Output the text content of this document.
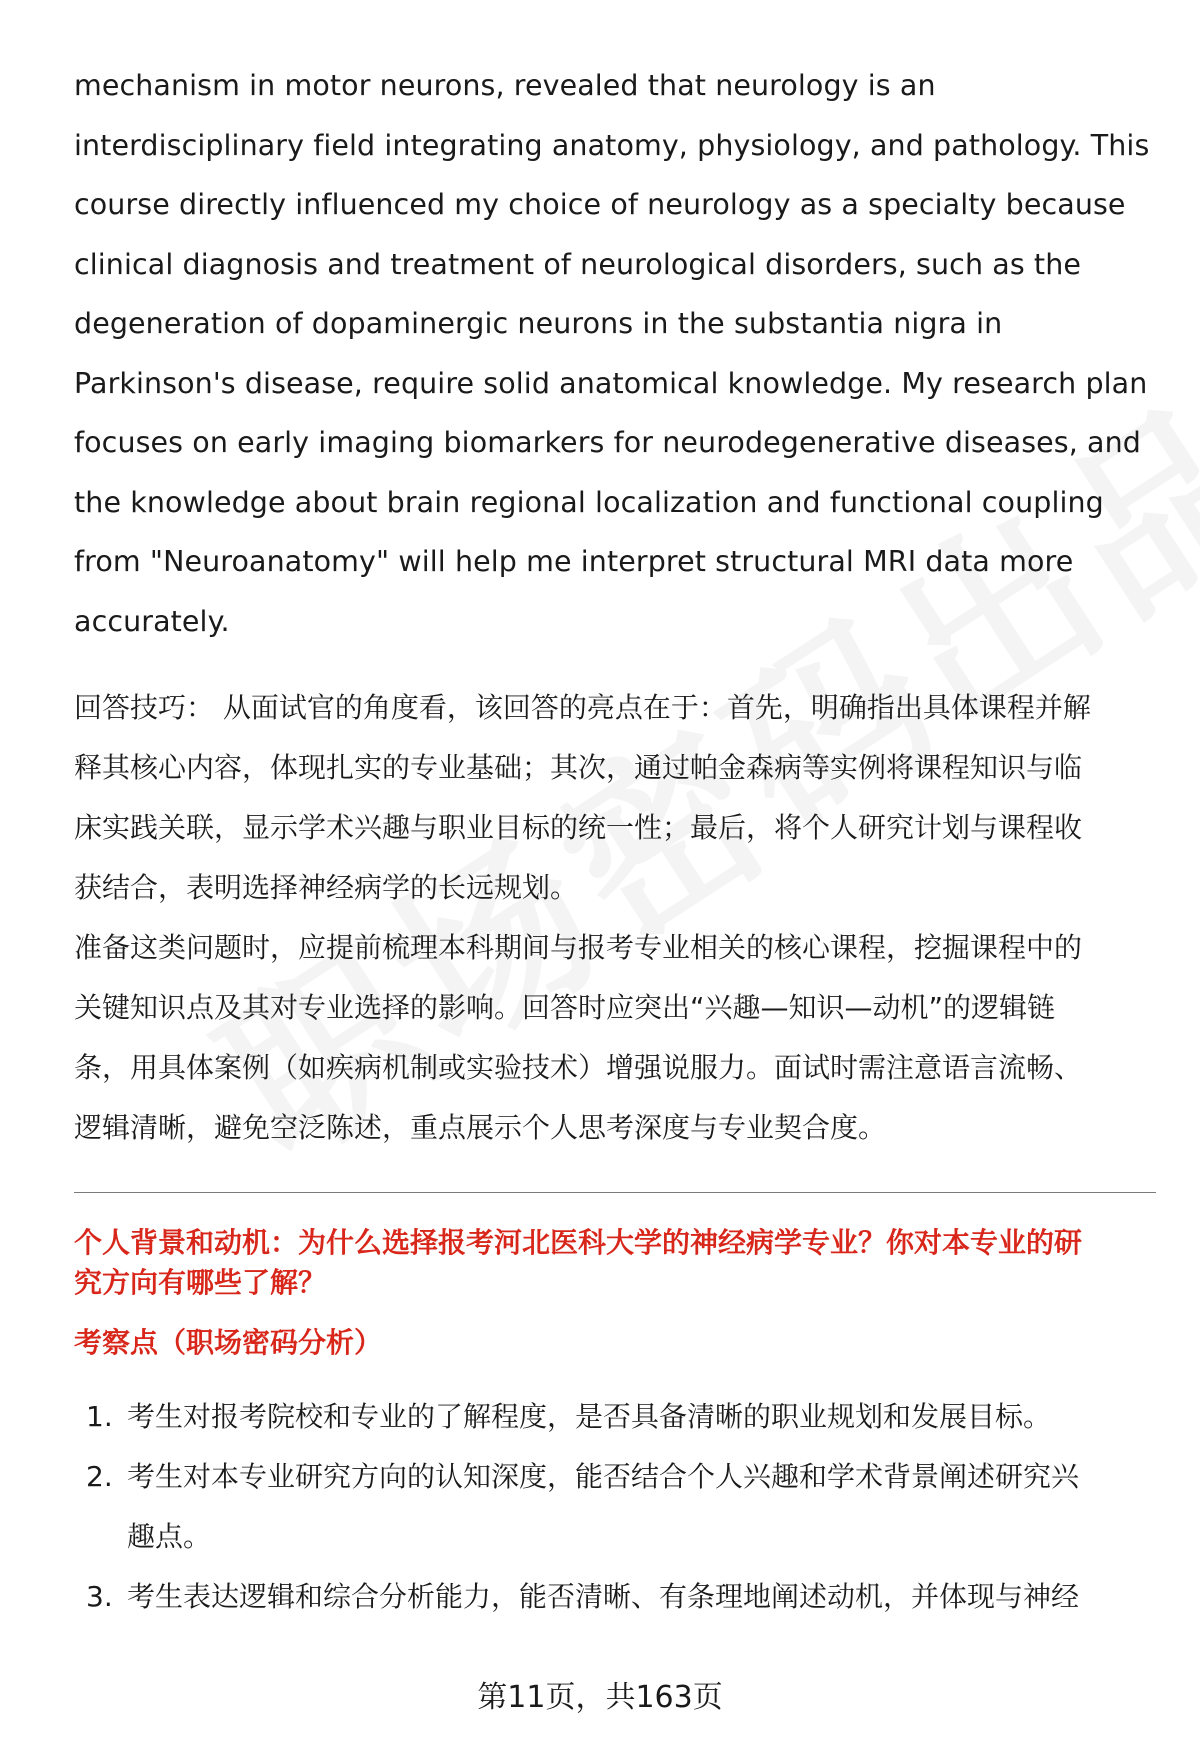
mechanism in motor neurons, revealed that neurology is an
interdisciplinary field integrating anatomy, physiology, and pathology. This
course directly influenced my choice of neurology as a specialty because
clinical diagnosis and treatment of neurological disorders, such as the
degeneration of dopaminergic neurons in the substantia nigra in
Parkinson's disease, require solid anatomical knowledge. My research plan
focuses on early imaging biomarkers for neurodegenerative diseases, and
the knowledge about brain regional localization and functional coupling
from "Neuroanatomy" will help me interpret structural MRI data more
accurately.

回答技巧： 从面试官的角度看，该回答的亮点在于：首先，明确指出具体课程并解
释其核心内容，体现扎实的专业基础；其次，通过帕金森病等实例将课程知识与临
床实践关联，显示学术兴趣与职业目标的统一性；最后，将个人研究计划与课程收
获结合，表明选择神经病学的长远规划。

准备这类问题时，应提前梳理本科期间与报考专业相关的核心课程，挖掘课程中的
关键知识点及其对专业选择的影响。回答时应突出“兴趣—知识—动机”的逻辑链
条，用具体案例（如疾病机制或实验技术）增强说服力。面试时需注意语言流畅、
逻辑清晰，避免空泛陈述，重点展示个人思考深度与专业契合度。

个人背景和动机：为什么选择报考河北医科大学的神经病学专业？你对本专业的研
究方向有哪些了解？
考察点（职场密码分析）
1. 考生对报考院校和专业的了解程度，是否具备清晰的职业规划和发展目标。
2. 考生对本专业研究方向的认知深度，能否结合个人兴趣和学术背景阐述研究兴
趣点。
3. 考生表达逻辑和综合分析能力，能否清晰、有条理地阐述动机，并体现与神经
第11页，共163页
